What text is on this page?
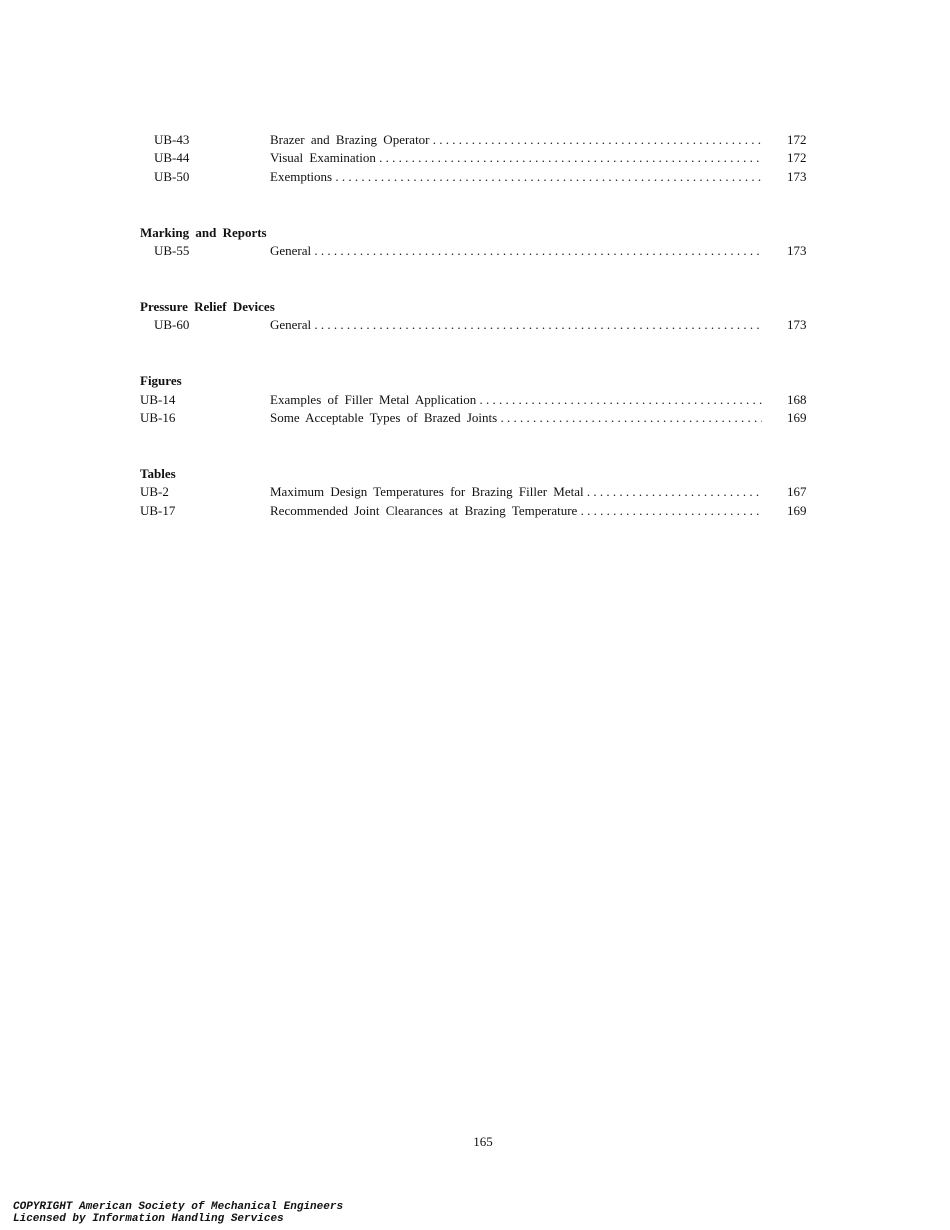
UB-43	Brazer and Brazing Operator . . .	172
UB-44	Visual Examination . . .	172
UB-50	Exemptions . . .	173
Marking and Reports
UB-55	General . . .	173
Pressure Relief Devices
UB-60	General . . .	173
Figures
UB-14	Examples of Filler Metal Application . . .	168
UB-16	Some Acceptable Types of Brazed Joints . . .	169
Tables
UB-2	Maximum Design Temperatures for Brazing Filler Metal . . .	167
UB-17	Recommended Joint Clearances at Brazing Temperature . . .	169
165
COPYRIGHT American Society of Mechanical Engineers
Licensed by Information Handling Services
